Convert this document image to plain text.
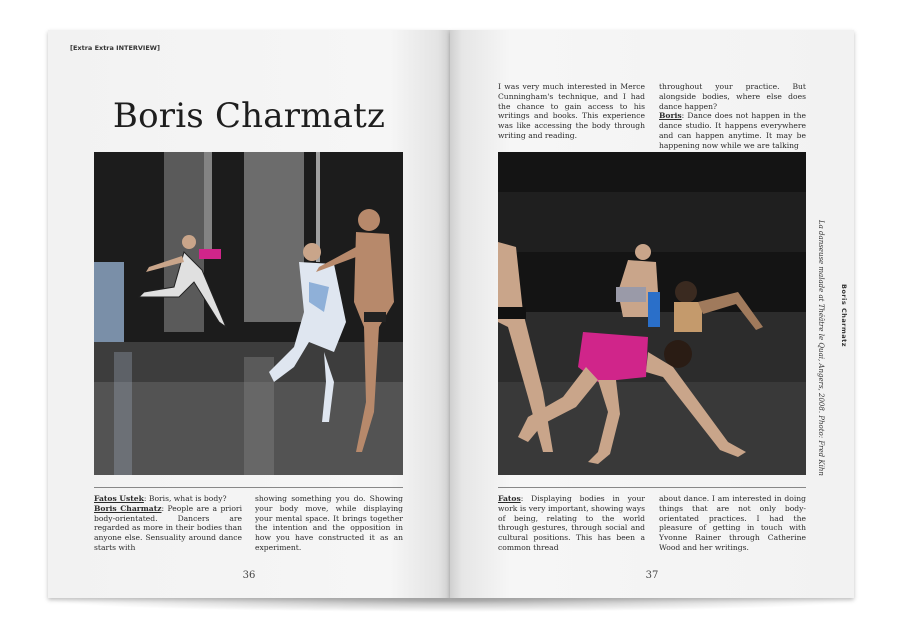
[Extra Extra INTERVIEW]
Boris Charmatz
Fatos Ustek: Boris, what is body?
Boris Charmatz: People are a priori body-orientated. Dancers are regarded as more in their bodies than anyone else. Sensuality around dance starts with
showing something you do. Showing your body move, while displaying your mental space. It brings together the intention and the opposition in how you have constructed it as an experiment.
36
I was very much interested in Merce Cunningham's technique, and I had the chance to gain access to his writings and books. This experience was like accessing the body through writing and reading.
throughout your practice. But alongside bodies, where else does dance happen?
Boris: Dance does not happen in the dance studio. It happens everywhere and can happen anytime. It may be happening now while we are talking
Fatos: Displaying bodies in your work is very important, showing ways of being, relating to the world through gestures, through social and cultural positions. This has been a common thread
about dance. I am interested in doing things that are not only body-orientated practices. I had the pleasure of getting in touch with Yvonne Rainer through Catherine Wood and her writings.
La danseuse malade at Théâtre le Quai, Angers, 2008. Photo: Fred Kihn Boris Charmatz
37
